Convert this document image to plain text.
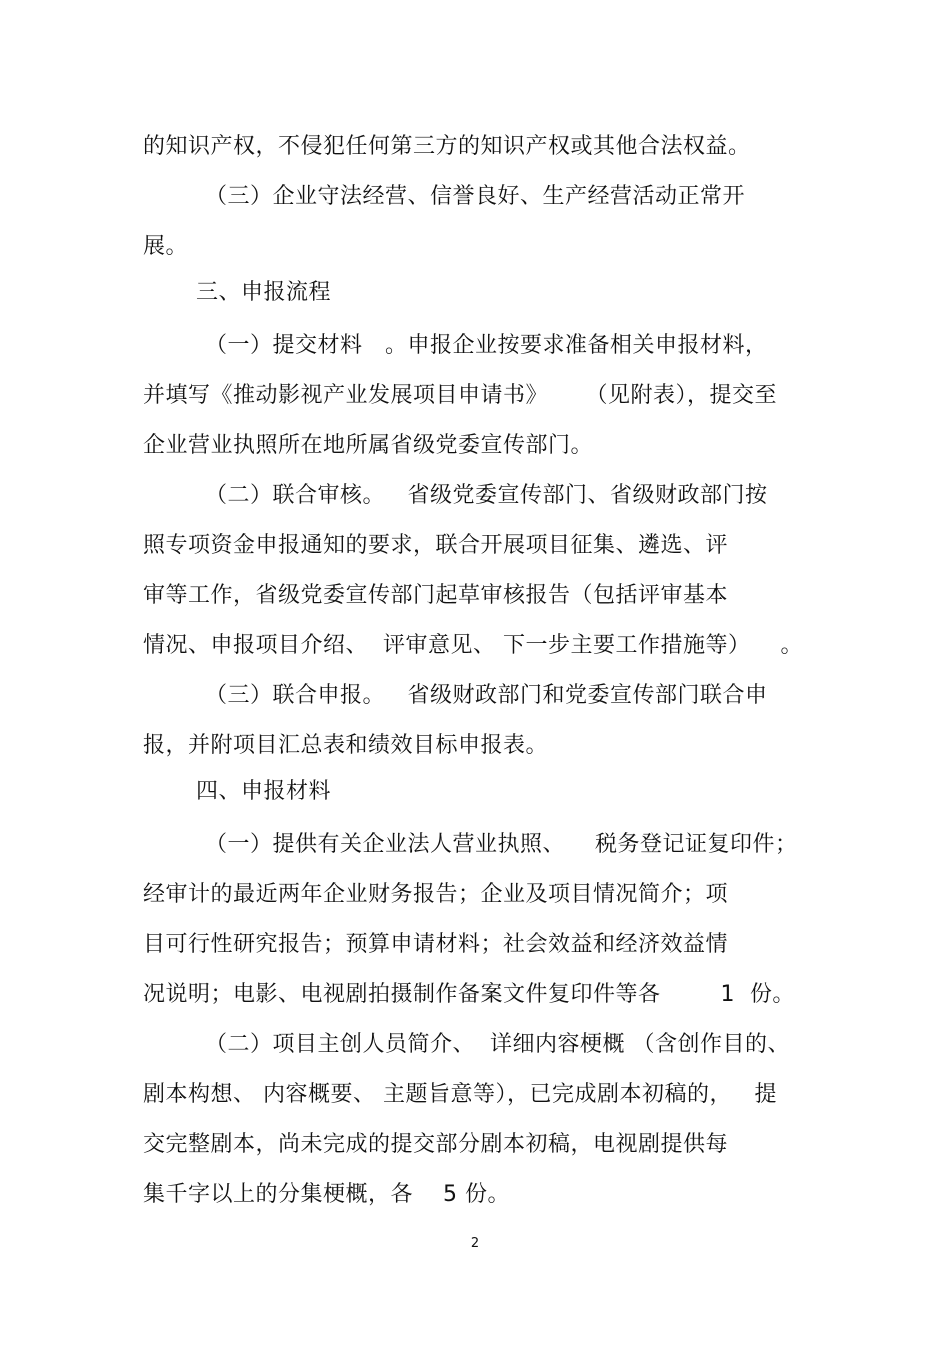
的知识产权，不侵犯任何第三方的知识产权或其他合法权益。
（三）企业守法经营、信誉良好、生产经营活动正常开
展。
三、申报流程
（一）提交材料   。申报企业按要求准备相关申报材料，
并填写《推动影视产业发展项目申请书》     （见附表），提交至
企业营业执照所在地所属省级党委宣传部门。
（二）联合审核。   省级党委宣传部门、省级财政部门按
照专项资金申报通知的要求，联合开展项目征集、遴选、评
审等工作，省级党委宣传部门起草审核报告（包括评审基本
情况、申报项目介绍、  评审意见、 下一步主要工作措施等）    。
（三）联合申报。   省级财政部门和党委宣传部门联合申
报，并附项目汇总表和绩效目标申报表。
四、申报材料
（一）提供有关企业法人营业执照、    税务登记证复印件；
经审计的最近两年企业财务报告；企业及项目情况简介；项
目可行性研究报告；预算申请材料；社会效益和经济效益情
况说明；电影、电视剧拍摄制作备案文件复印件等各        1  份。
（二）项目主创人员简介、  详细内容梗概 （含创作目的、
剧本构想、 内容概要、 主题旨意等），已完成剧本初稿的，   提
交完整剧本，尚未完成的提交部分剧本初稿，电视剧提供每
集千字以上的分集梗概，各    5 份。
2
